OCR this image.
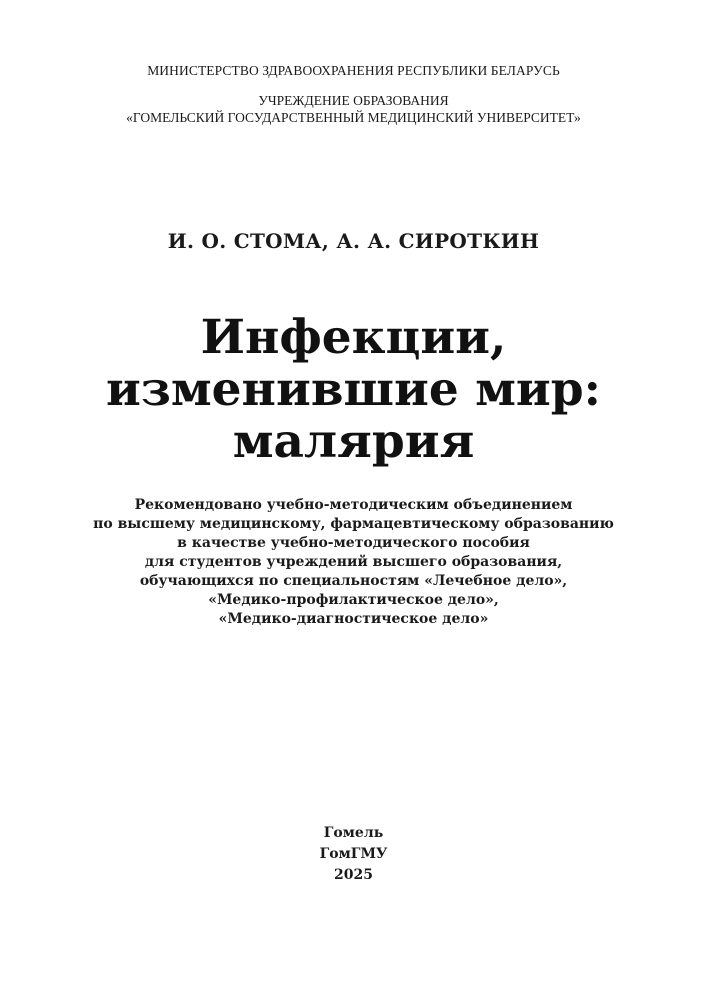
МИНИСТЕРСТВО ЗДРАВООХРАНЕНИЯ РЕСПУБЛИКИ БЕЛАРУСЬ
УЧРЕЖДЕНИЕ ОБРАЗОВАНИЯ
«ГОМЕЛЬСКИЙ ГОСУДАРСТВЕННЫЙ МЕДИЦИНСКИЙ УНИВЕРСИТЕТ»
И. О. СТОМА, А. А. СИРОТКИН
Инфекции,
изменившие мир:
малярия
Рекомендовано учебно-методическим объединением
по высшему медицинскому, фармацевтическому образованию
в качестве учебно-методического пособия
для студентов учреждений высшего образования,
обучающихся по специальностям «Лечебное дело»,
«Медико-профилактическое дело»,
«Медико-диагностическое дело»
Гомель
ГомГМУ
2025
